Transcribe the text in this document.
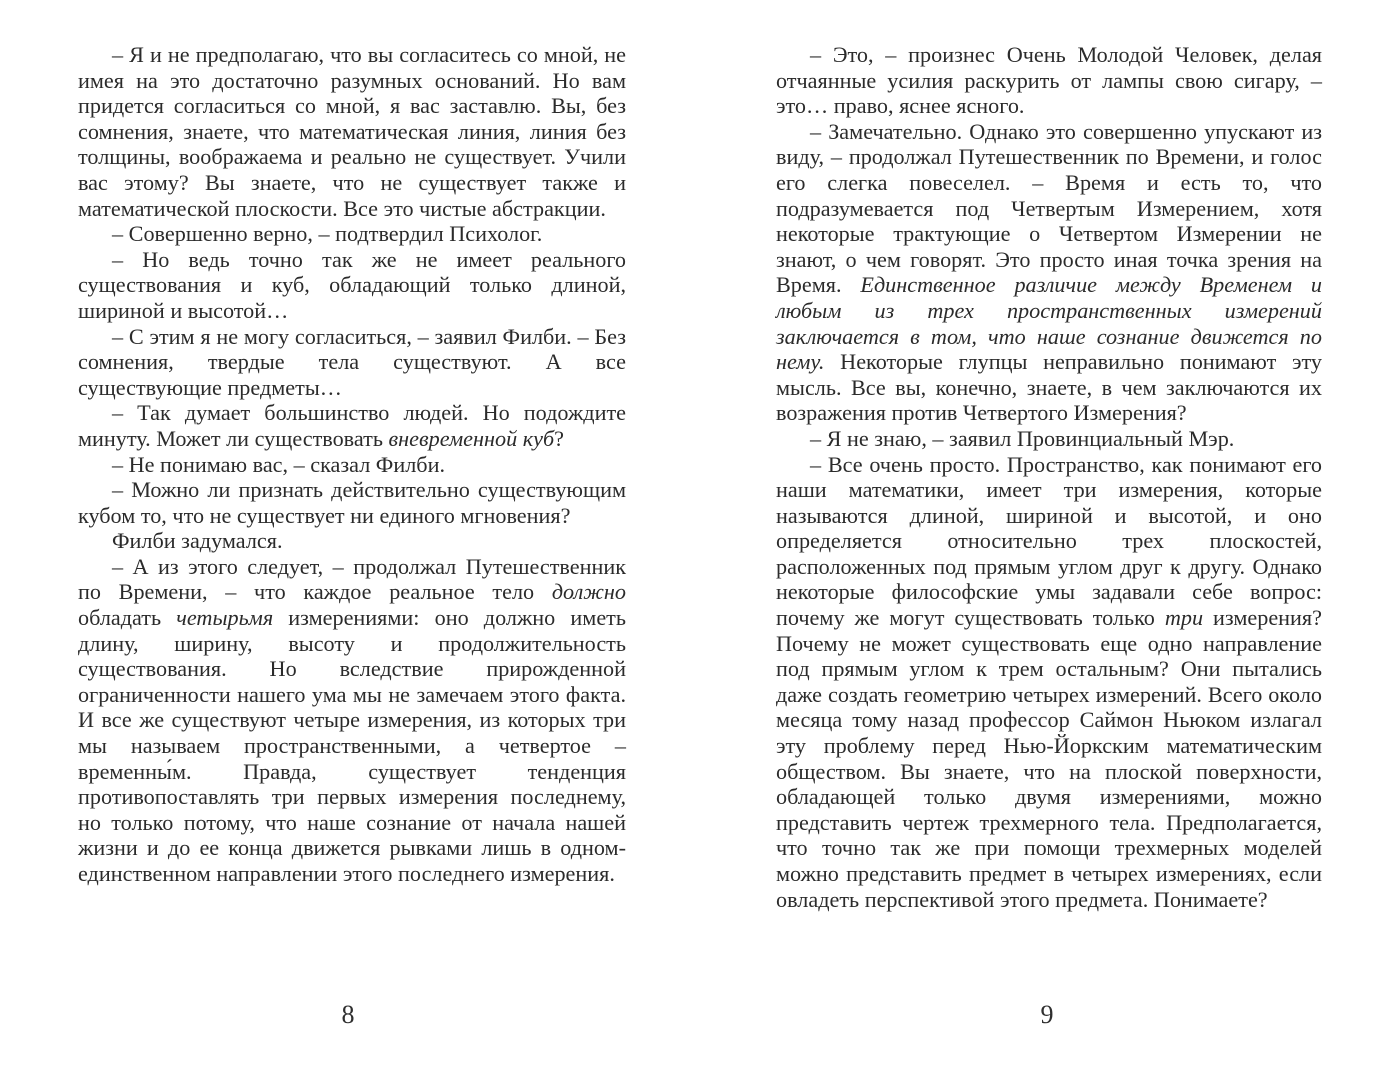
– Я и не предполагаю, что вы согласитесь со мной, не имея на это достаточно разумных оснований. Но вам придется согласиться со мной, я вас заставлю. Вы, без сомнения, знаете, что математическая линия, линия без толщины, воображаема и реально не существует. Учили вас этому? Вы знаете, что не существует также и математической плоскости. Все это чистые абстракции.

– Совершенно верно, – подтвердил Психолог.

– Но ведь точно так же не имеет реального существования и куб, обладающий только длиной, шириной и высотой…

– С этим я не могу согласиться, – заявил Филби. – Без сомнения, твердые тела существуют. А все существующие предметы…

– Так думает большинство людей. Но подождите минуту. Может ли существовать вневременной куб?

– Не понимаю вас, – сказал Филби.

– Можно ли признать действительно существующим кубом то, что не существует ни единого мгновения?

Филби задумался.

– А из этого следует, – продолжал Путешественник по Времени, – что каждое реальное тело должно обладать четырьмя измерениями: оно должно иметь длину, ширину, высоту и продолжительность существования. Но вследствие прирожденной ограниченности нашего ума мы не замечаем этого факта. И все же существуют четыре измерения, из которых три мы называем пространственными, а четвертое – временны́м. Правда, существует тенденция противопоставлять три первых измерения последнему, но только потому, что наше сознание от начала нашей жизни и до ее конца движется рывками лишь в одном-единственном направлении этого последнего измерения.

8

– Это, – произнес Очень Молодой Человек, делая отчаянные усилия раскурить от лампы свою сигару, – это… право, яснее ясного.

– Замечательно. Однако это совершенно упускают из виду, – продолжал Путешественник по Времени, и голос его слегка повеселел. – Время и есть то, что подразумевается под Четвертым Измерением, хотя некоторые трактующие о Четвертом Измерении не знают, о чем говорят. Это просто иная точка зрения на Время. Единственное различие между Временем и любым из трех пространственных измерений заключается в том, что наше сознание движется по нему. Некоторые глупцы неправильно понимают эту мысль. Все вы, конечно, знаете, в чем заключаются их возражения против Четвертого Измерения?

– Я не знаю, – заявил Провинциальный Мэр.

– Все очень просто. Пространство, как понимают его наши математики, имеет три измерения, которые называются длиной, шириной и высотой, и оно определяется относительно трех плоскостей, расположенных под прямым углом друг к другу. Однако некоторые философские умы задавали себе вопрос: почему же могут существовать только три измерения? Почему не может существовать еще одно направление под прямым углом к трем остальным? Они пытались даже создать геометрию четырех измерений. Всего около месяца тому назад профессор Саймон Ньюком излагал эту проблему перед Нью-Йоркским математическим обществом. Вы знаете, что на плоской поверхности, обладающей только двумя измерениями, можно представить чертеж трехмерного тела. Предполагается, что точно так же при помощи трехмерных моделей можно представить предмет в четырех измерениях, если овладеть перспективой этого предмета. Понимаете?

9
